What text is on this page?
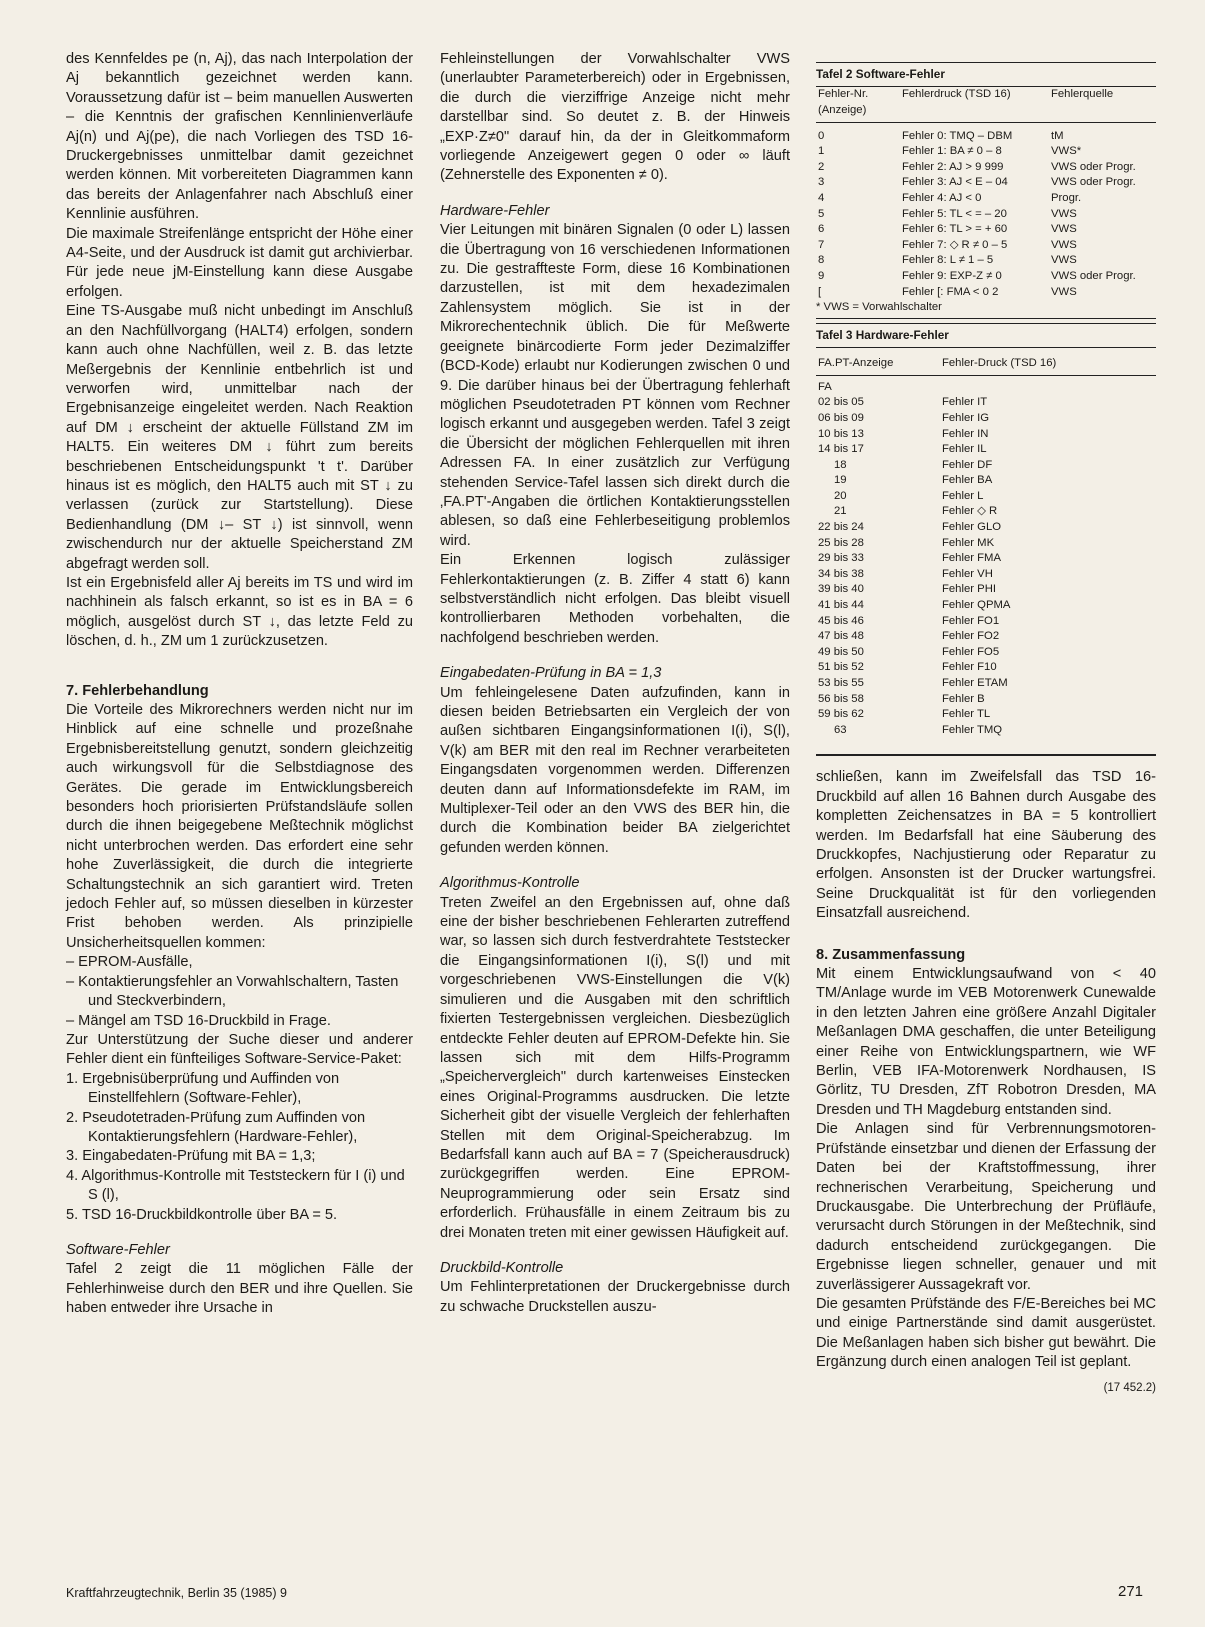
des Kennfeldes pe (n, Aj), das nach Interpolation der Aj bekanntlich gezeichnet werden kann. Voraussetzung dafür ist – beim manuellen Auswerten – die Kenntnis der grafischen Kennlinienverläufe Aj(n) und Aj(pe), die nach Vorliegen des TSD 16-Druckergebnisses unmittelbar damit gezeichnet werden können. Mit vorbereiteten Diagrammen kann das bereits der Anlagenfahrer nach Abschluß einer Kennlinie ausführen.

Die maximale Streifenlänge entspricht der Höhe einer A4-Seite, und der Ausdruck ist damit gut archivierbar. Für jede neue jM-Einstellung kann diese Ausgabe erfolgen.

Eine TS-Ausgabe muß nicht unbedingt im Anschluß an den Nachfüllvorgang (HALT4) erfolgen, sondern kann auch ohne Nachfüllen, weil z. B. das letzte Meßergebnis der Kennlinie entbehrlich ist und verworfen wird, unmittelbar nach der Ergebnisanzeige eingeleitet werden. Nach Reaktion auf DM ↓ erscheint der aktuelle Füllstand ZM im HALT5. Ein weiteres DM ↓ führt zum bereits beschriebenen Entscheidungspunkt 't t'. Darüber hinaus ist es möglich, den HALT5 auch mit ST ↓ zu verlassen (zurück zur Startstellung). Diese Bedienhandlung (DM ↓– ST ↓) ist sinnvoll, wenn zwischendurch nur der aktuelle Speicherstand ZM abgefragt werden soll.

Ist ein Ergebnisfeld aller Aj bereits im TS und wird im nachhinein als falsch erkannt, so ist es in BA = 6 möglich, ausgelöst durch ST ↓, das letzte Feld zu löschen, d. h., ZM um 1 zurückzusetzen.

7. Fehlerbehandlung

Die Vorteile des Mikrorechners werden nicht nur im Hinblick auf eine schnelle und prozeßnahe Ergebnisbereitstellung genutzt, sondern gleichzeitig auch wirkungsvoll für die Selbstdiagnose des Gerätes. Die gerade im Entwicklungsbereich besonders hoch priorisierten Prüfstandsläufe sollen durch die ihnen beigegebene Meßtechnik möglichst nicht unterbrochen werden. Das erfordert eine sehr hohe Zuverlässigkeit, die durch die integrierte Schaltungstechnik an sich garantiert wird. Treten jedoch Fehler auf, so müssen dieselben in kürzester Frist behoben werden. Als prinzipielle Unsicherheitsquellen kommen:

– EPROM-Ausfälle,
– Kontaktierungsfehler an Vorwahlschaltern, Tasten und Steckverbindern,
– Mängel am TSD 16-Druckbild in Frage.

Zur Unterstützung der Suche dieser und anderer Fehler dient ein fünfteiliges Software-Service-Paket:

1. Ergebnisüberprüfung und Auffinden von Einstellfehlern (Software-Fehler),
2. Pseudotetraden-Prüfung zum Auffinden von Kontaktierungsfehlern (Hardware-Fehler),
3. Eingabedaten-Prüfung mit BA = 1,3;
4. Algorithmus-Kontrolle mit Teststeckern für I (i) und S (l),
5. TSD 16-Druckbildkontrolle über BA = 5.

Software-Fehler

Tafel 2 zeigt die 11 möglichen Fälle der Fehlerhinweise durch den BER und ihre Quellen. Sie haben entweder ihre Ursache in

Fehleinstellungen der Vorwahlschalter VWS (unerlaubter Parameterbereich) oder in Ergebnissen, die durch die vierziffrige Anzeige nicht mehr darstellbar sind. So deutet z. B. der Hinweis „EXP·Z≠0" darauf hin, da der in Gleitkommaform vorliegende Anzeigewert gegen 0 oder ∞ läuft (Zehnerstelle des Exponenten ≠ 0).

Hardware-Fehler

Vier Leitungen mit binären Signalen (0 oder L) lassen die Übertragung von 16 verschiedenen Informationen zu. Die gestraffteste Form, diese 16 Kombinationen darzustellen, ist mit dem hexadezimalen Zahlensystem möglich. Sie ist in der Mikrorechentechnik üblich. Die für Meßwerte geeignete binärcodierte Form jeder Dezimalziffer (BCD-Kode) erlaubt nur Kodierungen zwischen 0 und 9. Die darüber hinaus bei der Übertragung fehlerhaft möglichen Pseudotetraden PT können vom Rechner logisch erkannt und ausgegeben werden. Tafel 3 zeigt die Übersicht der möglichen Fehlerquellen mit ihren Adressen FA. In einer zusätzlich zur Verfügung stehenden Service-Tafel lassen sich direkt durch die ‚FA.PT'-Angaben die örtlichen Kontaktierungsstellen ablesen, so daß eine Fehlerbeseitigung problemlos wird.

Ein Erkennen logisch zulässiger Fehlerkontaktierungen (z. B. Ziffer 4 statt 6) kann selbstverständlich nicht erfolgen. Das bleibt visuell kontrollierbaren Methoden vorbehalten, die nachfolgend beschrieben werden.

Eingabedaten-Prüfung in BA = 1,3

Um fehleingelesene Daten aufzufinden, kann in diesen beiden Betriebsarten ein Vergleich der von außen sichtbaren Eingangsinformationen I(i), S(l), V(k) am BER mit den real im Rechner verarbeiteten Eingangsdaten vorgenommen werden. Differenzen deuten dann auf Informationsdefekte im RAM, im Multiplexer-Teil oder an den VWS des BER hin, die durch die Kombination beider BA zielgerichtet gefunden werden können.

Algorithmus-Kontrolle

Treten Zweifel an den Ergebnissen auf, ohne daß eine der bisher beschriebenen Fehlerarten zutreffend war, so lassen sich durch festverdrahtete Teststecker die Eingangsinformationen I(i), S(l) und mit vorgeschriebenen VWS-Einstellungen die V(k) simulieren und die Ausgaben mit den schriftlich fixierten Testergebnissen vergleichen. Diesbezüglich entdeckte Fehler deuten auf EPROM-Defekte hin. Sie lassen sich mit dem Hilfs-Programm „Speichervergleich" durch kartenweises Einstecken eines Original-Programms ausdrucken. Die letzte Sicherheit gibt der visuelle Vergleich der fehlerhaften Stellen mit dem Original-Speicherabzug. Im Bedarfsfall kann auch auf BA = 7 (Speicherausdruck) zurückgegriffen werden. Eine EPROM-Neuprogrammierung oder sein Ersatz sind erforderlich. Frühausfälle in einem Zeitraum bis zu drei Monaten treten mit einer gewissen Häufigkeit auf.

Druckbild-Kontrolle

Um Fehlinterpretationen der Druckergebnisse durch zu schwache Druckstellen auszu-

Tafel 2 Software-Fehler
Fehler-Nr. (Anzeige)	Fehlerdruck (TSD 16)	Fehlerquelle

0	Fehler 0: TMQ – DBM	tM
1	Fehler 1: BA ≠ 0 – 8	VWS*
2	Fehler 2: AJ > 9 999	VWS oder Progr.
3	Fehler 3: AJ < E – 04	VWS oder Progr.
4	Fehler 4: AJ < 0	Progr.
5	Fehler 5: TL < = – 20	VWS
6	Fehler 6: TL > = + 60	VWS
7	Fehler 7: ◇ R ≠ 0 – 5	VWS
8	Fehler 8: L ≠ 1 – 5	VWS
9	Fehler 9: EXP-Z ≠ 0	VWS oder Progr.
[	Fehler [: FMA < 0 2	VWS
* VWS = Vorwahlschalter
Tafel 3 Hardware-Fehler
FA.PT-Anzeige	Fehler-Druck (TSD 16)
FA	
02 bis 05	Fehler IT
06 bis 09	Fehler IG
10 bis 13	Fehler IN
14 bis 17	Fehler IL
18	Fehler DF
19	Fehler BA
20	Fehler L
21	Fehler ◇ R
22 bis 24	Fehler GLO
25 bis 28	Fehler MK
29 bis 33	Fehler FMA
34 bis 38	Fehler VH
39 bis 40	Fehler PHI
41 bis 44	Fehler QPMA
45 bis 46	Fehler FO1
47 bis 48	Fehler FO2
49 bis 50	Fehler FO5
51 bis 52	Fehler F10
53 bis 55	Fehler ETAM
56 bis 58	Fehler B
59 bis 62	Fehler TL
63	Fehler TMQ

schließen, kann im Zweifelsfall das TSD 16-Druckbild auf allen 16 Bahnen durch Ausgabe des kompletten Zeichensatzes in BA = 5 kontrolliert werden. Im Bedarfsfall hat eine Säuberung des Druckkopfes, Nachjustierung oder Reparatur zu erfolgen. Ansonsten ist der Drucker wartungsfrei. Seine Druckqualität ist für den vorliegenden Einsatzfall ausreichend.

8. Zusammenfassung

Mit einem Entwicklungsaufwand von < 40 TM/Anlage wurde im VEB Motorenwerk Cunewalde in den letzten Jahren eine größere Anzahl Digitaler Meßanlagen DMA geschaffen, die unter Beteiligung einer Reihe von Entwicklungspartnern, wie WF Berlin, VEB IFA-Motorenwerk Nordhausen, IS Görlitz, TU Dresden, ZfT Robotron Dresden, MA Dresden und TH Magdeburg entstanden sind.

Die Anlagen sind für Verbrennungsmotoren-Prüfstände einsetzbar und dienen der Erfassung der Daten bei der Kraftstoffmessung, ihrer rechnerischen Verarbeitung, Speicherung und Druckausgabe. Die Unterbrechung der Prüfläufe, verursacht durch Störungen in der Meßtechnik, sind dadurch entscheidend zurückgegangen. Die Ergebnisse liegen schneller, genauer und mit zuverlässigerer Aussagekraft vor.

Die gesamten Prüfstände des F/E-Bereiches bei MC und einige Partnerstände sind damit ausgerüstet. Die Meßanlagen haben sich bisher gut bewährt. Die Ergänzung durch einen analogen Teil ist geplant.

(17 452.2)
Kraftfahrzeugtechnik, Berlin 35 (1985) 9	271
